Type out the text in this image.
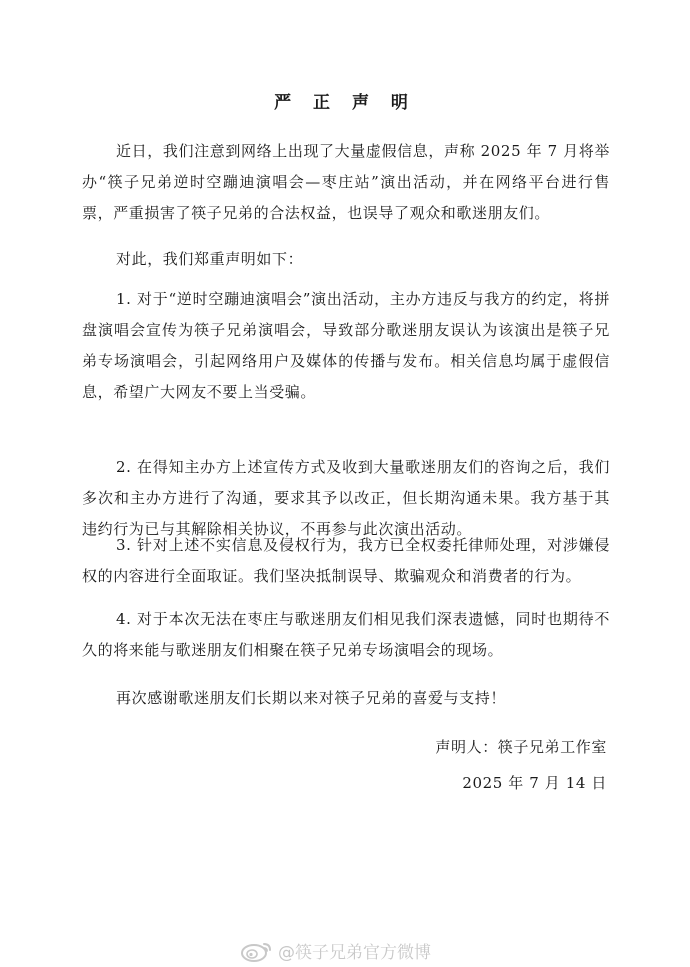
严 正 声 明
近日，我们注意到网络上出现了大量虚假信息，声称 2025 年 7 月将举办“筷子兄弟逆时空蹦迪演唱会—枣庄站”演出活动，并在网络平台进行售票，严重损害了筷子兄弟的合法权益，也误导了观众和歌迷朋友们。
对此，我们郑重声明如下：
1. 对于“逆时空蹦迪演唱会”演出活动，主办方违反与我方的约定，将拼盘演唱会宣传为筷子兄弟演唱会，导致部分歌迷朋友误认为该演出是筷子兄弟专场演唱会，引起网络用户及媒体的传播与发布。相关信息均属于虚假信息，希望广大网友不要上当受骗。
2. 在得知主办方上述宣传方式及收到大量歌迷朋友们的咨询之后，我们多次和主办方进行了沟通，要求其予以改正，但长期沟通未果。我方基于其违约行为已与其解除相关协议，不再参与此次演出活动。
3. 针对上述不实信息及侵权行为，我方已全权委托律师处理，对涉嫌侵权的内容进行全面取证。我们坚决抵制误导、欺骗观众和消费者的行为。
4. 对于本次无法在枣庄与歌迷朋友们相见我们深表遗憾，同时也期待不久的将来能与歌迷朋友们相聚在筷子兄弟专场演唱会的现场。
再次感谢歌迷朋友们长期以来对筷子兄弟的喜爱与支持！
声明人：筷子兄弟工作室
2025 年 7 月 14 日
@筷子兄弟官方微博
